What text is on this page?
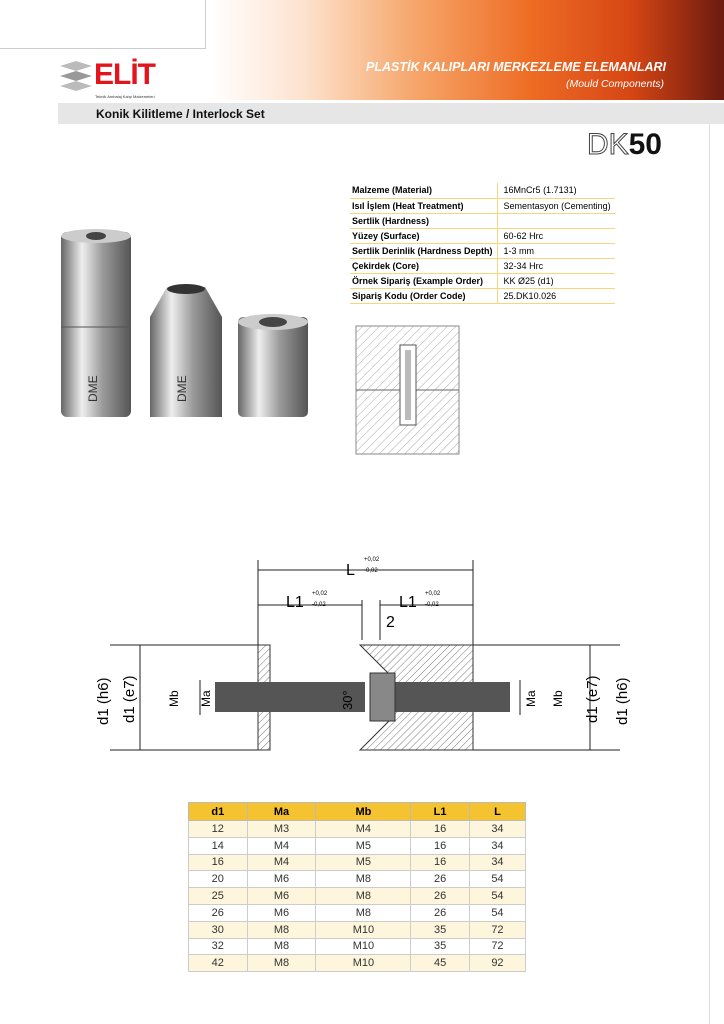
ELİT
Teknik Ambalaj Kalıp Malzemeleri
PLASTİK KALIPLARI MERKEZLEME ELEMANLARI
(Mould Components)
Konik Kilitleme / Interlock Set
DK50
DME	DME
Malzeme (Material)	16MnCr5 (1.7131)
Isıl İşlem (Heat Treatment)	Sementasyon (Cementing)
Sertlik (Hardness)	
Yüzey (Surface)	60-62 Hrc
Sertlik Derinlik (Hardness Depth)	1-3 mm
Çekirdek (Core)	32-34 Hrc
Örnek Sipariş (Example Order)	KK Ø25 (d1)
Sipariş Kodu (Order Code)	25.DK10.026
L
+0,02
-0,02
L1 +0,02
-0,02	L1 +0,02
-0,02
2
30°
d1 (h6) d1 (e7) Mb Ma	Ma Mb d1 (e7) d1 (h6)
d1	Ma	Mb	L1	L
12	M3	M4	16	34
14	M4	M5	16	34
16	M4	M5	16	34
20	M6	M8	26	54
25	M6	M8	26	54
26	M6	M8	26	54
30	M8	M10	35	72
32	M8	M10	35	72
42	M8	M10	45	92
